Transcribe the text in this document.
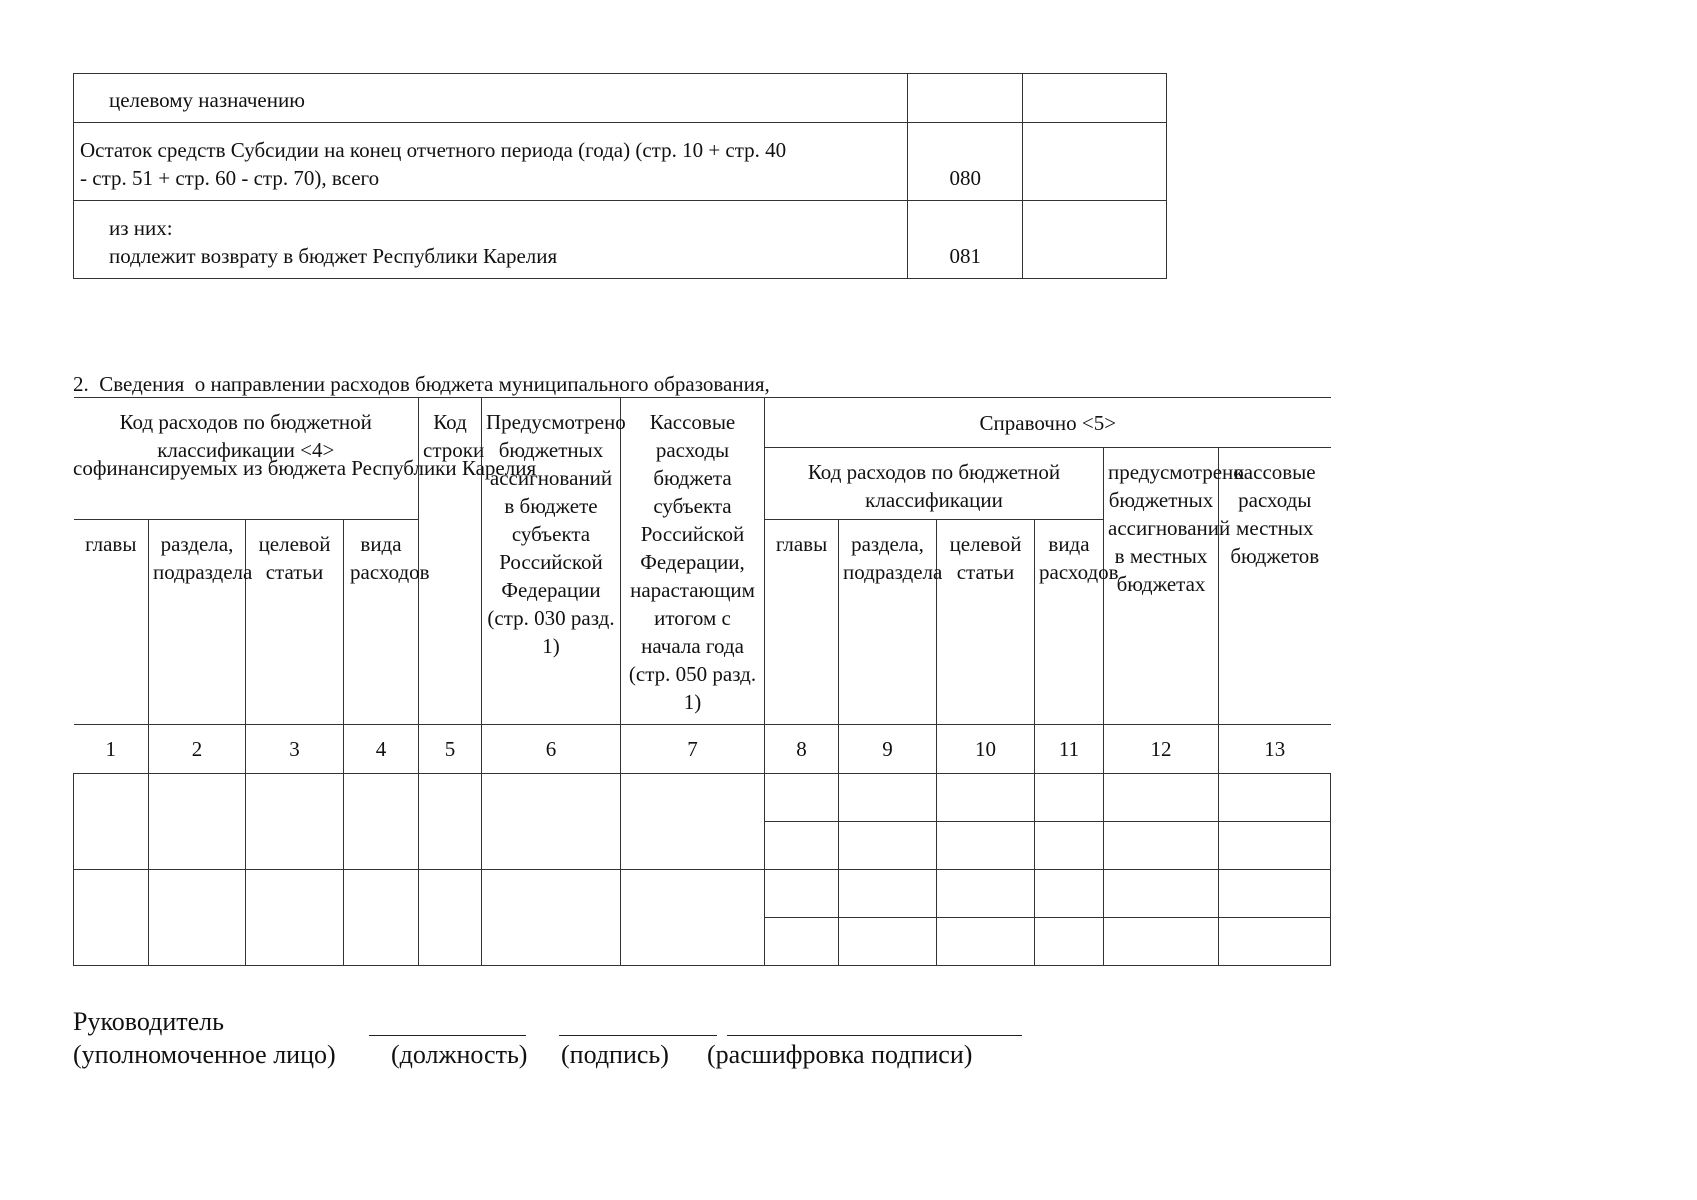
целевому назначению		

Остаток средств Субсидии на конец отчетного периода (года) (стр. 10 + стр. 40
- стр. 51 + стр. 60 - стр. 70), всего	080	

из них:
подлежит возврату в бюджет Республики Карелия	081	

2.  Сведения  о направлении расходов бюджета муниципального образования,

софинансируемых из бюджета Республики Карелия

Код расходов по бюджетной классификации <4>				Код строки	Предусмотрено бюджетных ассигнований в бюджете субъекта Российской Федерации (стр. 030 разд. 1)	Кассовые расходы бюджета субъекта Российской Федерации, нарастающим итогом с начала года (стр. 050 разд. 1)	Справочно <5>					

							Код расходов по бюджетной классификации				предусмотрено бюджетных ассигнований в местных бюджетах	кассовые расходы местных бюджетов

главы	раздела, подраздела	целевой статьи	вида расходов				главы	раздела, подраздела	целевой статьи	вида расходов		

1	2	3	4	5	6	7	8	9	10	11	12	13

Руководитель
(уполномоченное лицо) (должность) (подпись) (расшифровка подписи)
